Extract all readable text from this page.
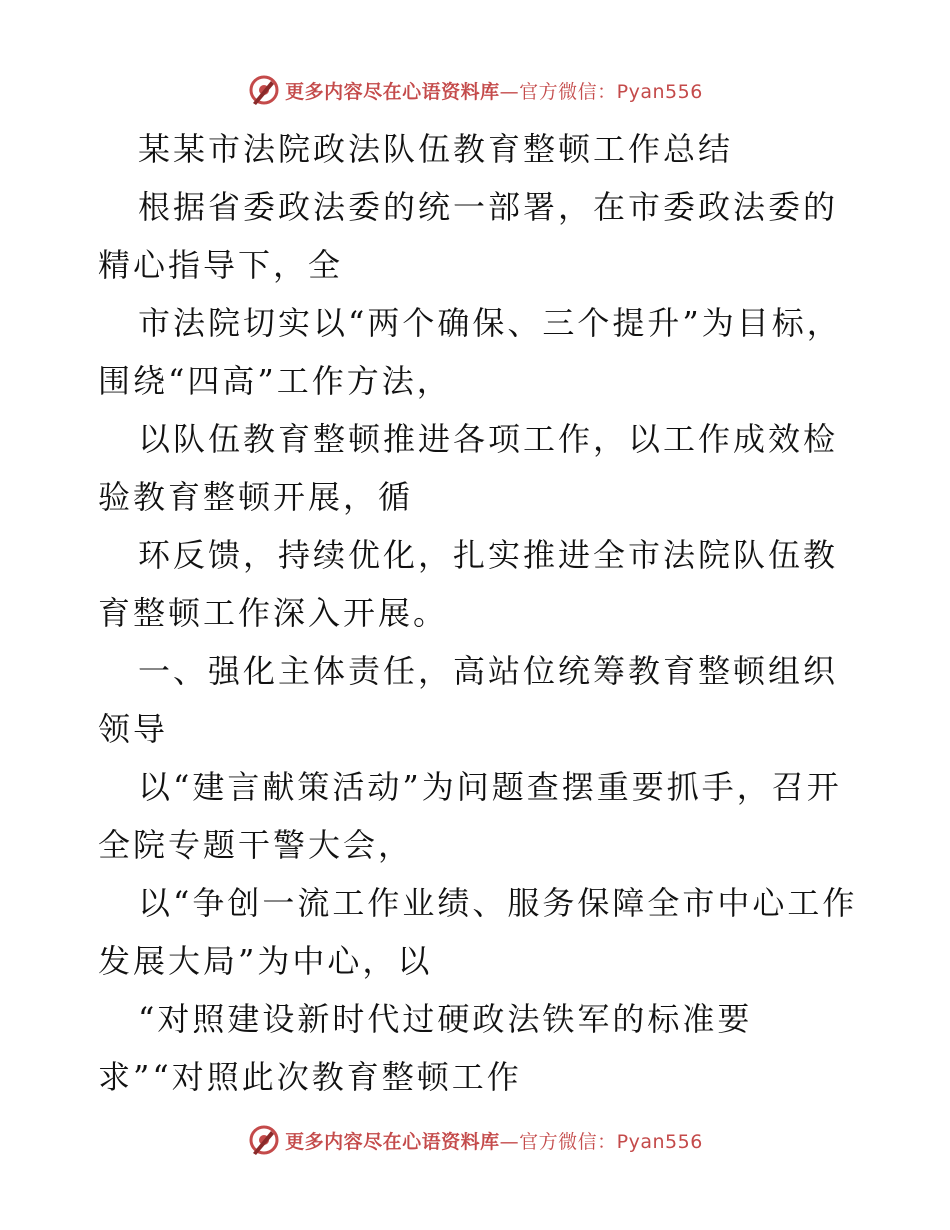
更多内容尽在心语资料库—官方微信：Pyan556

某某市法院政法队伍教育整顿工作总结

根据省委政法委的统一部署，在市委政法委的精心指导下，全

市法院切实以“两个确保、三个提升”为目标，围绕“四高”工作方法，

以队伍教育整顿推进各项工作，以工作成效检验教育整顿开展，循

环反馈，持续优化，扎实推进全市法院队伍教育整顿工作深入开展。

一、强化主体责任，高站位统筹教育整顿组织领导

以“建言献策活动”为问题查摆重要抓手，召开全院专题干警大会，

以“争创一流工作业绩、服务保障全市中心工作发展大局”为中心，以

“对照建设新时代过硬政法铁军的标准要求”“对照此次教育整顿工作

更多内容尽在心语资料库—官方微信：Pyan556
